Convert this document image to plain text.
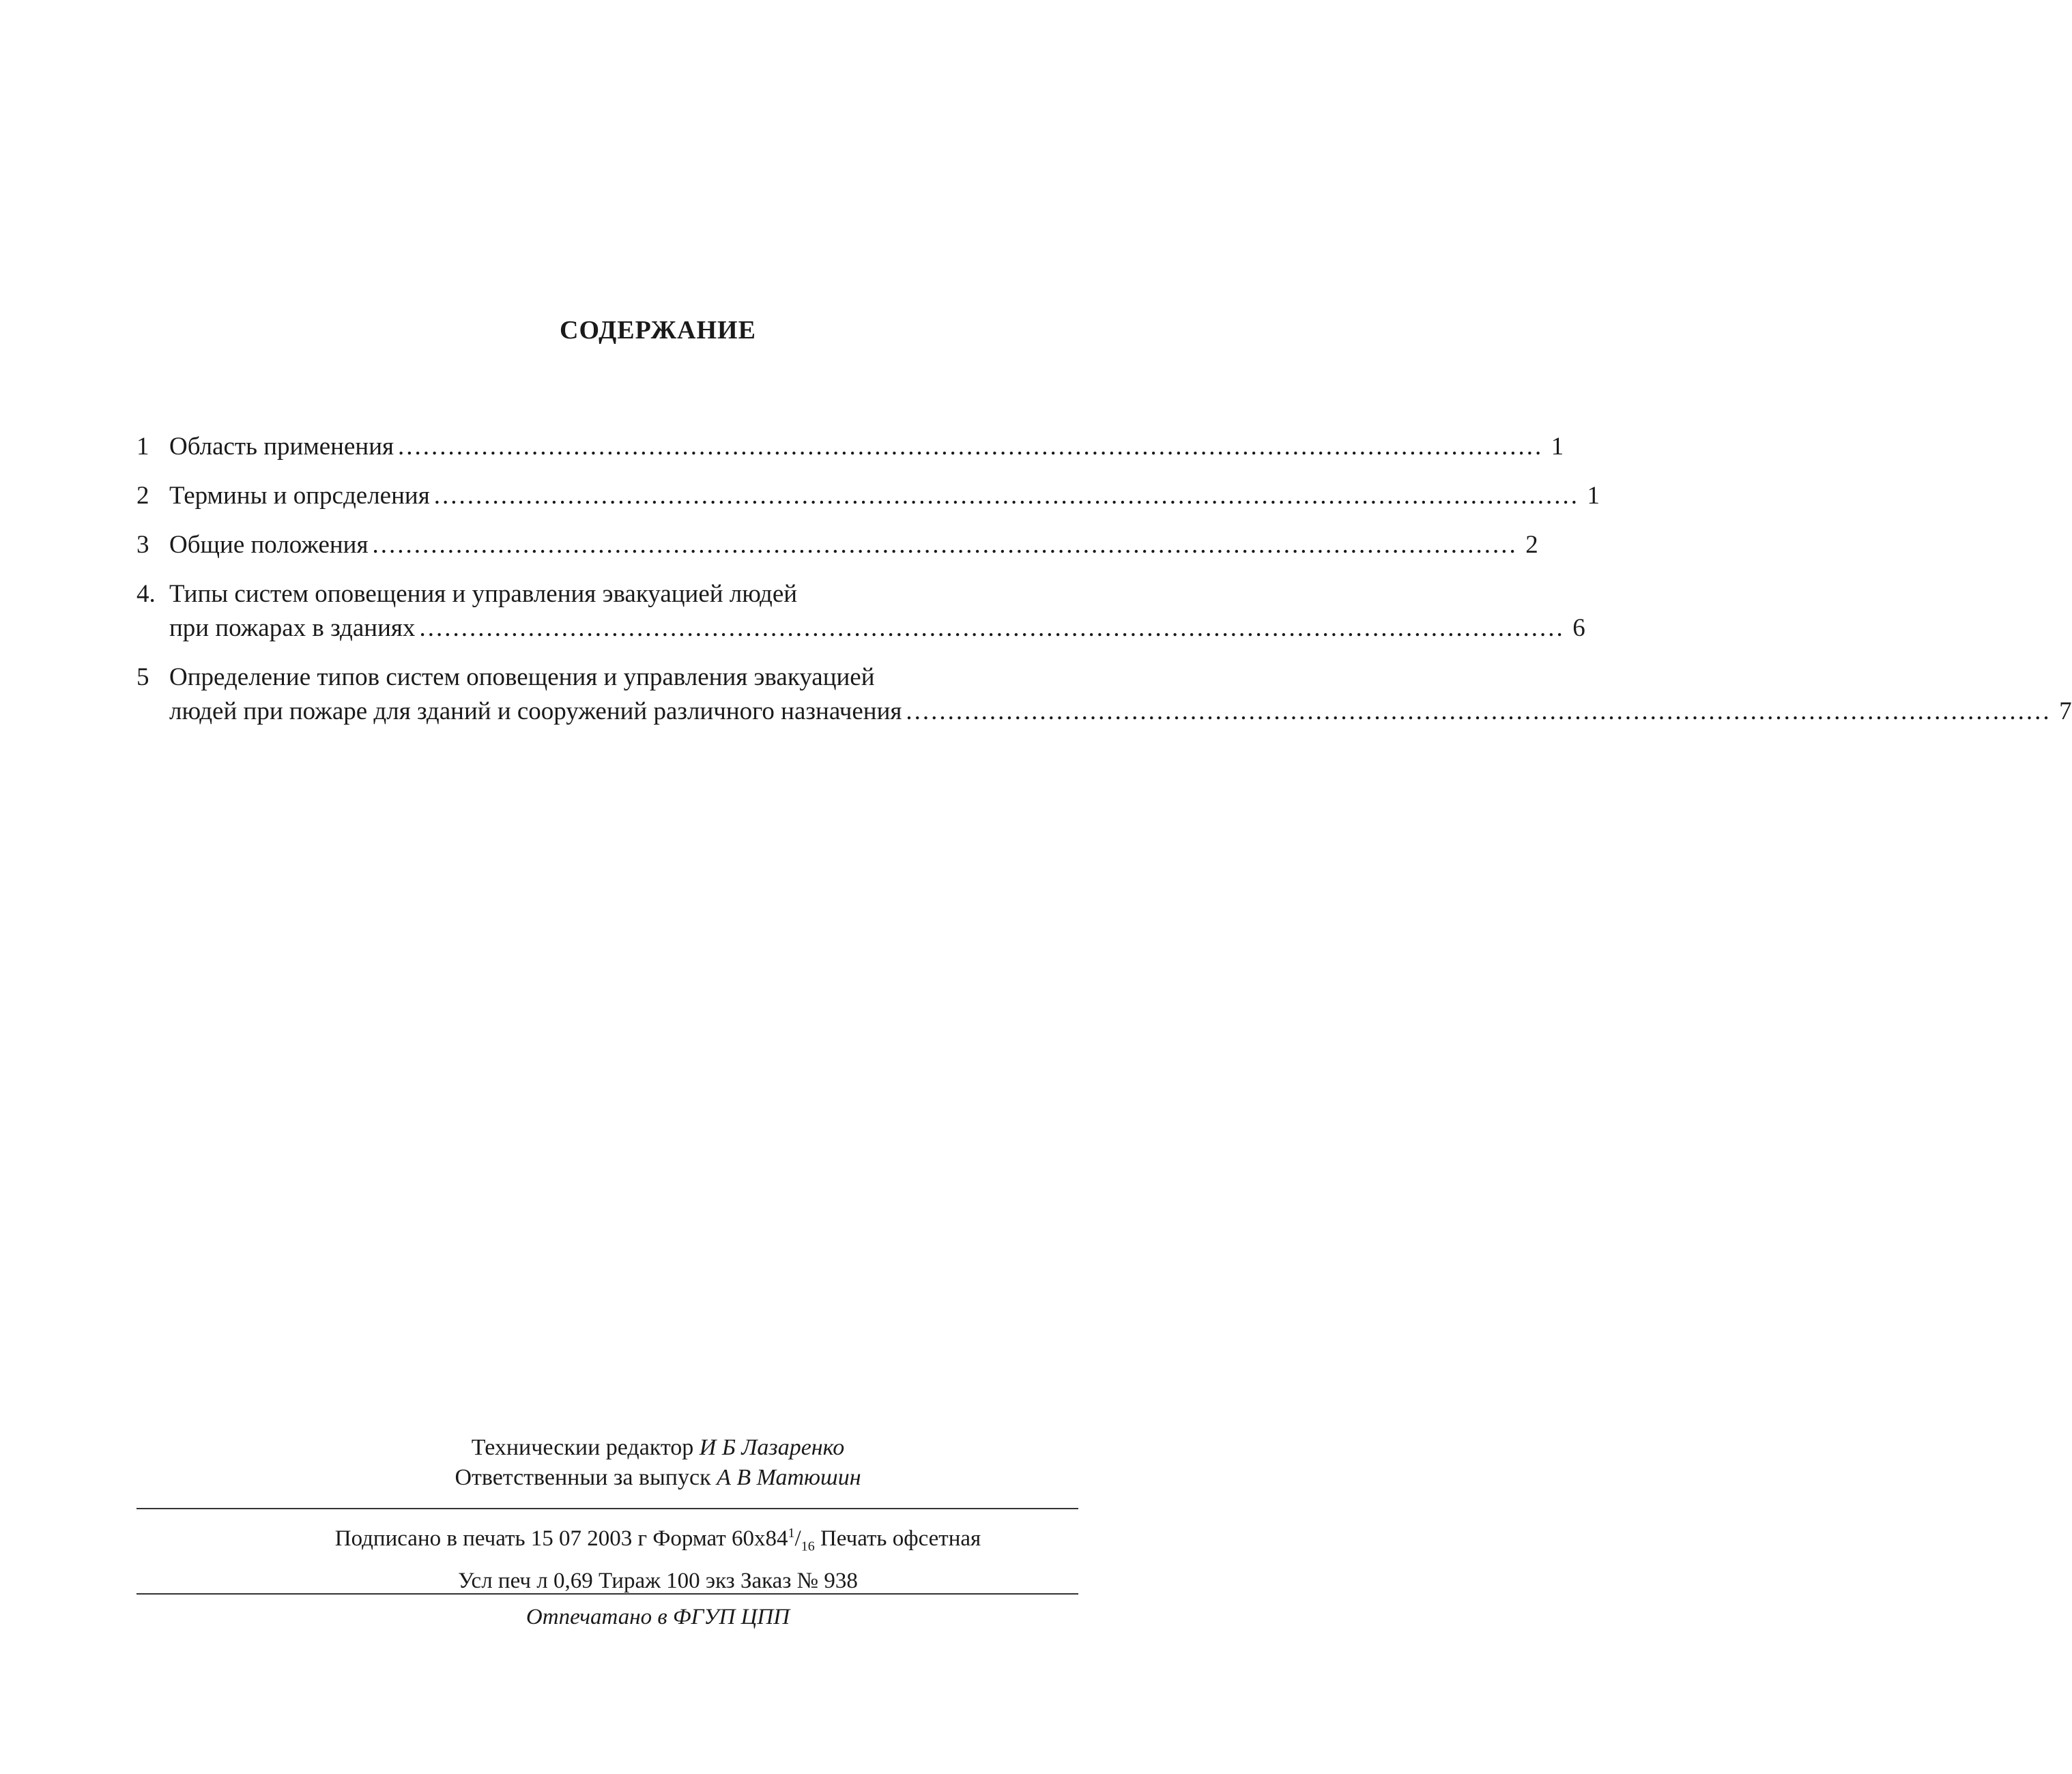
СОДЕРЖАНИЕ
1 Область применения ......................................................................................................................................... 1
2 Термины и опрсделения ......................................................................................................................................... 1
3 Общие положения ......................................................................................................................................... 2
4. Типы систем оповещения и управления эвакуацией людей
при пожарах в зданиях ......................................................................................................................................... 6
5 Определение типов систем оповещения и управления эвакуацией
людей при пожаре для зданий и сооружений различного назначения ......................................................................................................................................... 7
Техническии редактор И Б Лазаренко
Ответственныи за выпуск А В Матюшин
Подписано в печать 15 07 2003 г Формат $60х84^1/_{16}$ Печать офсетная
Усл печ л 0,69 Тираж 100 экз Заказ № 938
Отпечатано в ФГУП ЦПП
